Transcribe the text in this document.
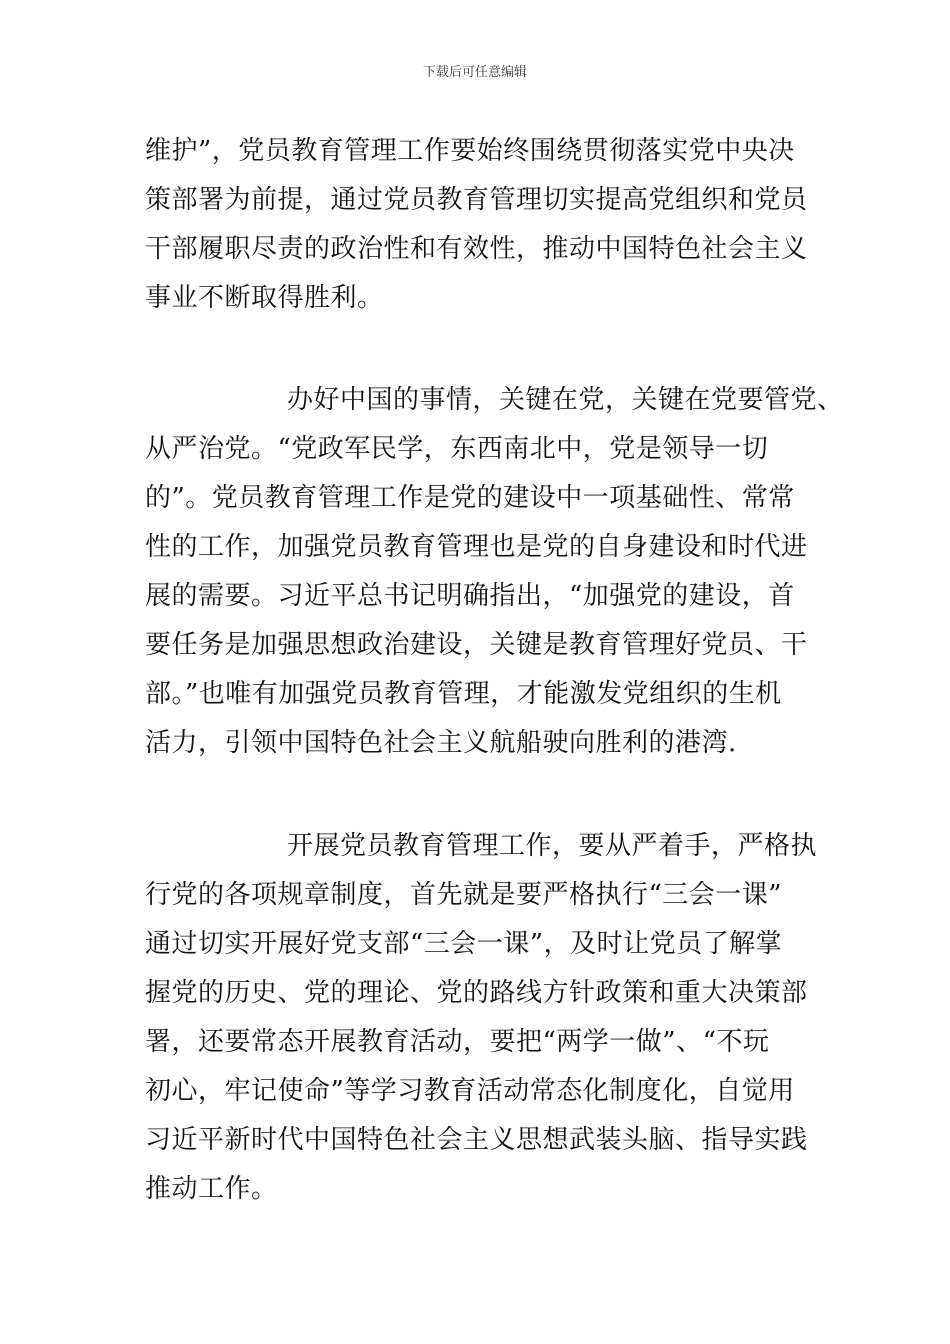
下载后可任意编辑
维护”，党员教育管理工作要始终围绕贯彻落实党中央决
策部署为前提，通过党员教育管理切实提高党组织和党员
干部履职尽责的政治性和有效性，推动中国特色社会主义
事业不断取得胜利。
办好中国的事情，关键在党，关键在党要管党、
从严治党。“党政军民学，东西南北中，党是领导一切
的”。党员教育管理工作是党的建设中一项基础性、常常
性的工作，加强党员教育管理也是党的自身建设和时代进
展的需要。习近平总书记明确指出，“加强党的建设，首
要任务是加强思想政治建设，关键是教育管理好党员、干
部。”也唯有加强党员教育管理，才能激发党组织的生机
活力，引领中国特色社会主义航船驶向胜利的港湾.
开展党员教育管理工作，要从严着手，严格执
行党的各项规章制度，首先就是要严格执行“三会一课”
通过切实开展好党支部“三会一课”，及时让党员了解掌
握党的历史、党的理论、党的路线方针政策和重大决策部
署，还要常态开展教育活动，要把“两学一做”、“不玩
初心，牢记使命”等学习教育活动常态化制度化，自觉用
习近平新时代中国特色社会主义思想武装头脑、指导实践
推动工作。
